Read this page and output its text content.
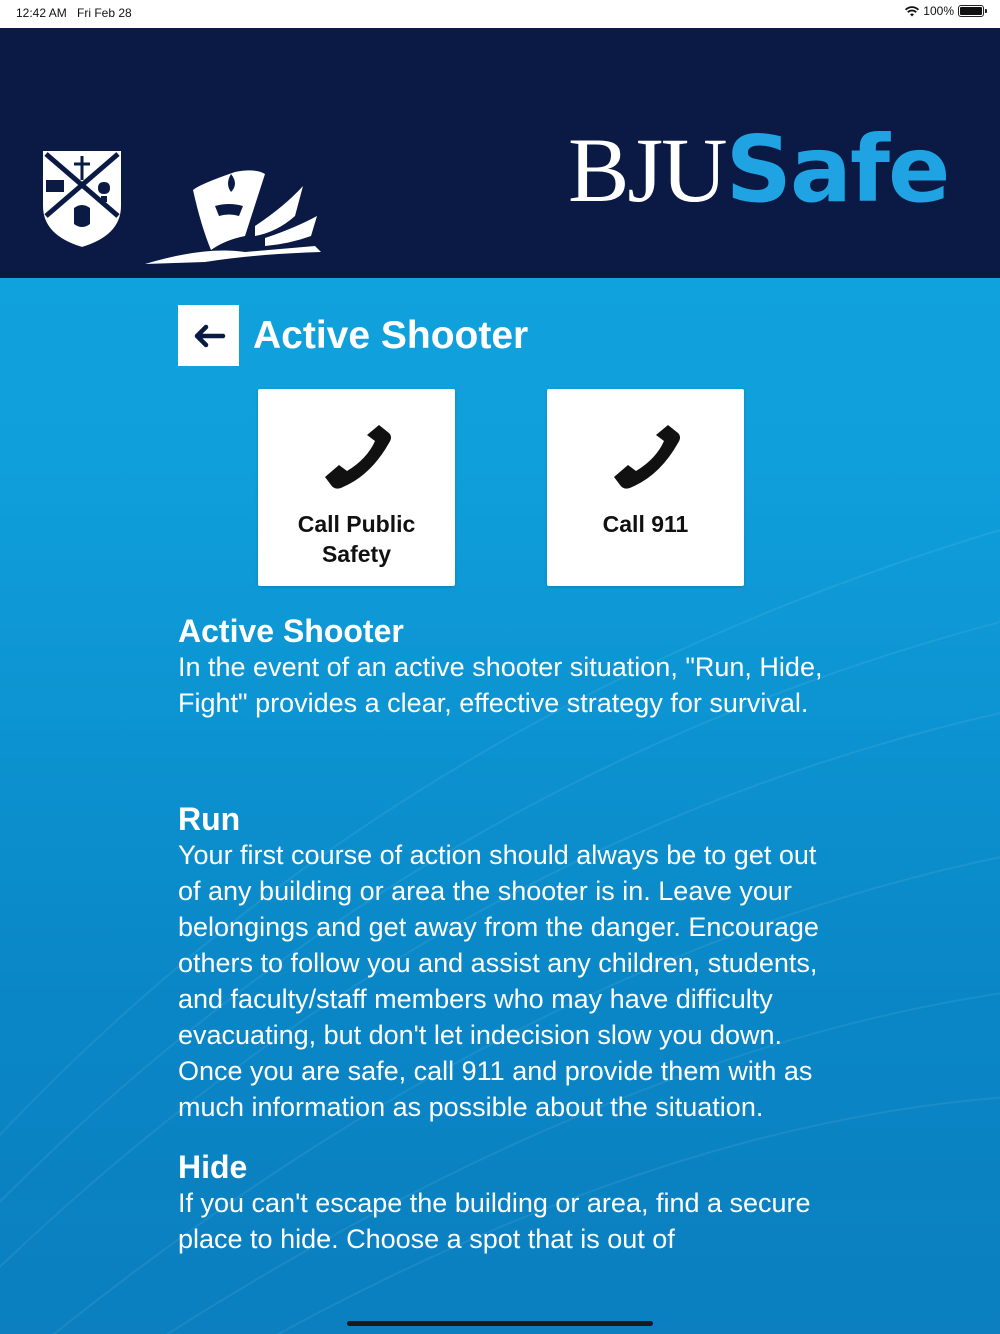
12:42 AM Fri Feb 28	100%
BJUSafe
Active Shooter
Call Public Safety
Call 911
Active Shooter

In the event of an active shooter situation, "Run, Hide, Fight" provides a clear, effective strategy for survival.

Run

Your first course of action should always be to get out of any building or area the shooter is in. Leave your belongings and get away from the danger. Encourage others to follow you and assist any children, students, and faculty/staff members who may have difficulty evacuating, but don't let indecision slow you down. Once you are safe, call 911 and provide them with as much information as possible about the situation.

Hide

If you can't escape the building or area, find a secure place to hide. Choose a spot that is out of
